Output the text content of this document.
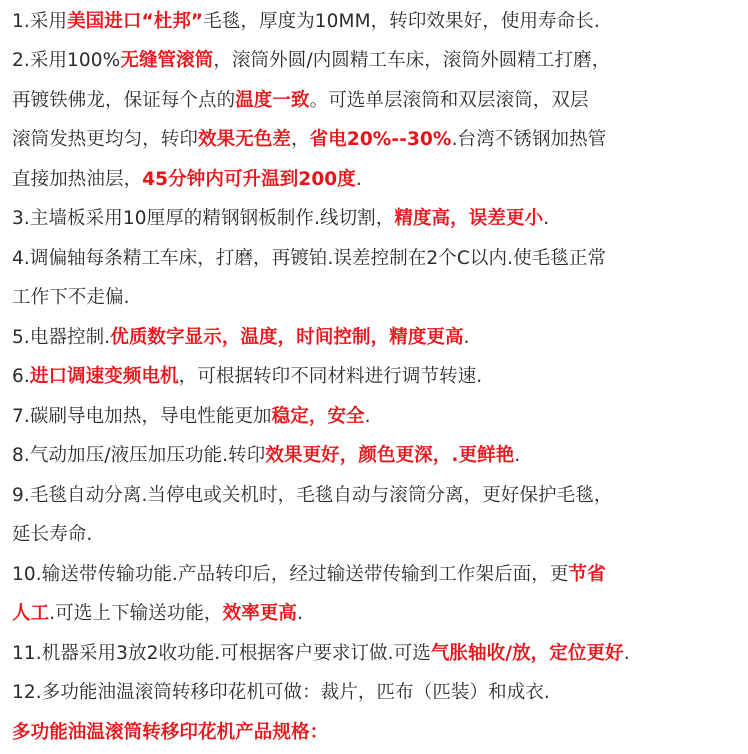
1.采用美国进口“杜邦”毛毯，厚度为10MM，转印效果好，使用寿命长.
2.采用100%无缝管滚筒，滚筒外圆/内圆精工车床，滚筒外圆精工打磨，
再镀铁佛龙，保证每个点的温度一致。可选单层滚筒和双层滚筒，双层
滚筒发热更均匀，转印效果无色差，省电20%--30%.台湾不锈钢加热管
直接加热油层，45分钟内可升温到200度.
3.主墙板采用10厘厚的精钢钢板制作.线切割，精度高，误差更小.
4.调偏轴每条精工车床，打磨，再镀铂.误差控制在2个C以内.使毛毯正常
工作下不走偏.
5.电器控制.优质数字显示，温度，时间控制，精度更高.
6.进口调速变频电机，可根据转印不同材料进行调节转速.
7.碳刷导电加热，导电性能更加稳定，安全.
8.气动加压/液压加压功能.转印效果更好，颜色更深，.更鲜艳.
9.毛毯自动分离.当停电或关机时，毛毯自动与滚筒分离，更好保护毛毯，
延长寿命.
10.输送带传输功能.产品转印后，经过输送带传输到工作架后面，更节省
人工.可选上下输送功能，效率更高.
11.机器采用3放2收功能.可根据客户要求订做.可选气胀轴收/放，定位更好.
12.多功能油温滚筒转移印花机可做：裁片，匹布（匹装）和成衣.
多功能油温滚筒转移印花机产品规格：
